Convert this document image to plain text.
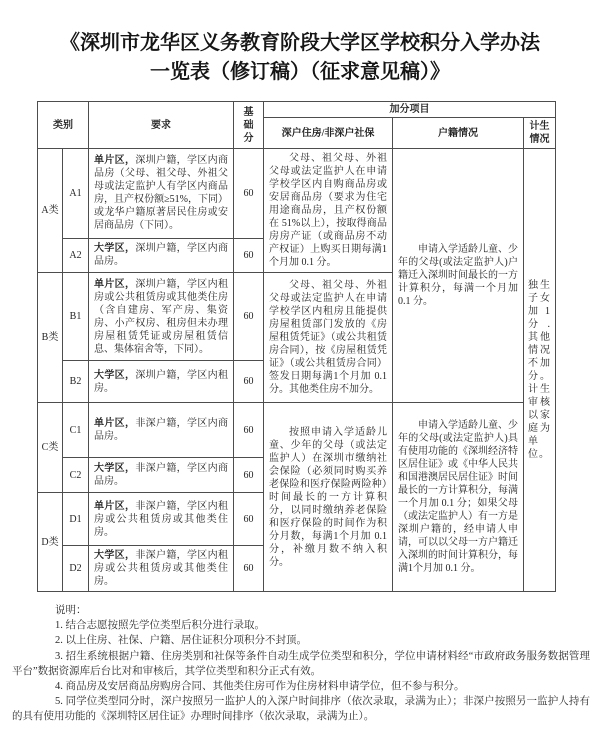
《深圳市龙华区义务教育阶段大学区学校积分入学办法一览表（修订稿）（征求意见稿）》
类别		要求	基础分	加分项目		
				深户住房/非深户社保	户籍情况	计生情况
A类	A1	单片区，深圳户籍，学区内商品房（父母、祖父母、外祖父母或法定监护人有学区内商品房，且产权份额≥51%，下同）或龙华户籍原著居民住房或安居商品房（下同）。	60	父母、祖父母、外祖父母或法定监护人在申请学校学区内自购商品房或安居商品房（要求为住宅用途商品房，且产权份额在 51%以上），按取得商品房房产证（或商品房不动产权证）上购买日期每满1个月加 0.1 分。	申请入学适龄儿童、少年的父母(或法定监护人)户籍迁入深圳时间最长的一方计算积分，每满一个月加 0.1 分。	独生子女加1分.其他情况不加分。计生审核以家庭为单位。
	A2	大学区，深圳户籍，学区内商品房。	60			
B类	B1	单片区，深圳户籍，学区内租房或公共租赁房或其他类住房（含自建房、军产房、集资房、小产权房、租房但未办理房屋租赁凭证或房屋租赁信息、集体宿舍等，下同）。	60	父母、祖父母、外祖父母或法定监护人在申请学校学区内租房且能提供房屋租赁部门发放的《房屋租赁凭证》（或公共租赁房合同），按《房屋租赁凭证》（或公共租赁房合同）签发日期每满1个月加 0.1 分。其他类住房不加分。		

	B2	大学区，深圳户籍，学区内租房。	60			
C类	C1	单片区，非深户籍，学区内商品房。	60	按照申请入学适龄儿童、少年的父母（或法定监护人）在深圳市缴纳社会保险（必须同时购买养老保险和医疗保险两险种）时间最长的一方计算积分，以同时缴纳养老保险和医疗保险的时间作为积分月数，每满1个月加 0.1 分，补缴月数不纳入积分。	申请入学适龄儿童、少年的父母(或法定监护人)具有使用功能的《深圳经济特区居住证》或《中华人民共和国港澳居民居住证》时间最长的一方计算积分，每满一个月加 0.1 分；如果父母（或法定监护人）有一方是深圳户籍的，经申请人申请，可以以父母一方户籍迁入深圳的时间计算积分，每满1个月加 0.1 分。	

	C2	大学区，非深户籍，学区内商品房。	60			
D类	D1	单片区，非深户籍，学区内租房或公共租赁房或其他类住房。	60			
	D2	大学区，非深户籍，学区内租房或公共租赁房或其他类住房。	60			

说明：

1. 结合志愿按照先学位类型后积分进行录取。

2. 以上住房、社保、户籍、居住证积分项积分不封顶。

3. 招生系统根据户籍、住房类别和社保等条件自动生成学位类型和积分，学位申请材料经“市政府政务服务数据管理平台”数据资源库后台比对和审核后，其学位类型和积分正式有效。

4. 商品房及安居商品房购房合同、其他类住房可作为住房材料申请学位，但不参与积分。

5. 同学位类型同分时，深户按照另一监护人的入深户时间排序（依次录取，录满为止）；非深户按照另一监护人持有的具有使用功能的《深圳特区居住证》办理时间排序（依次录取，录满为止）。
